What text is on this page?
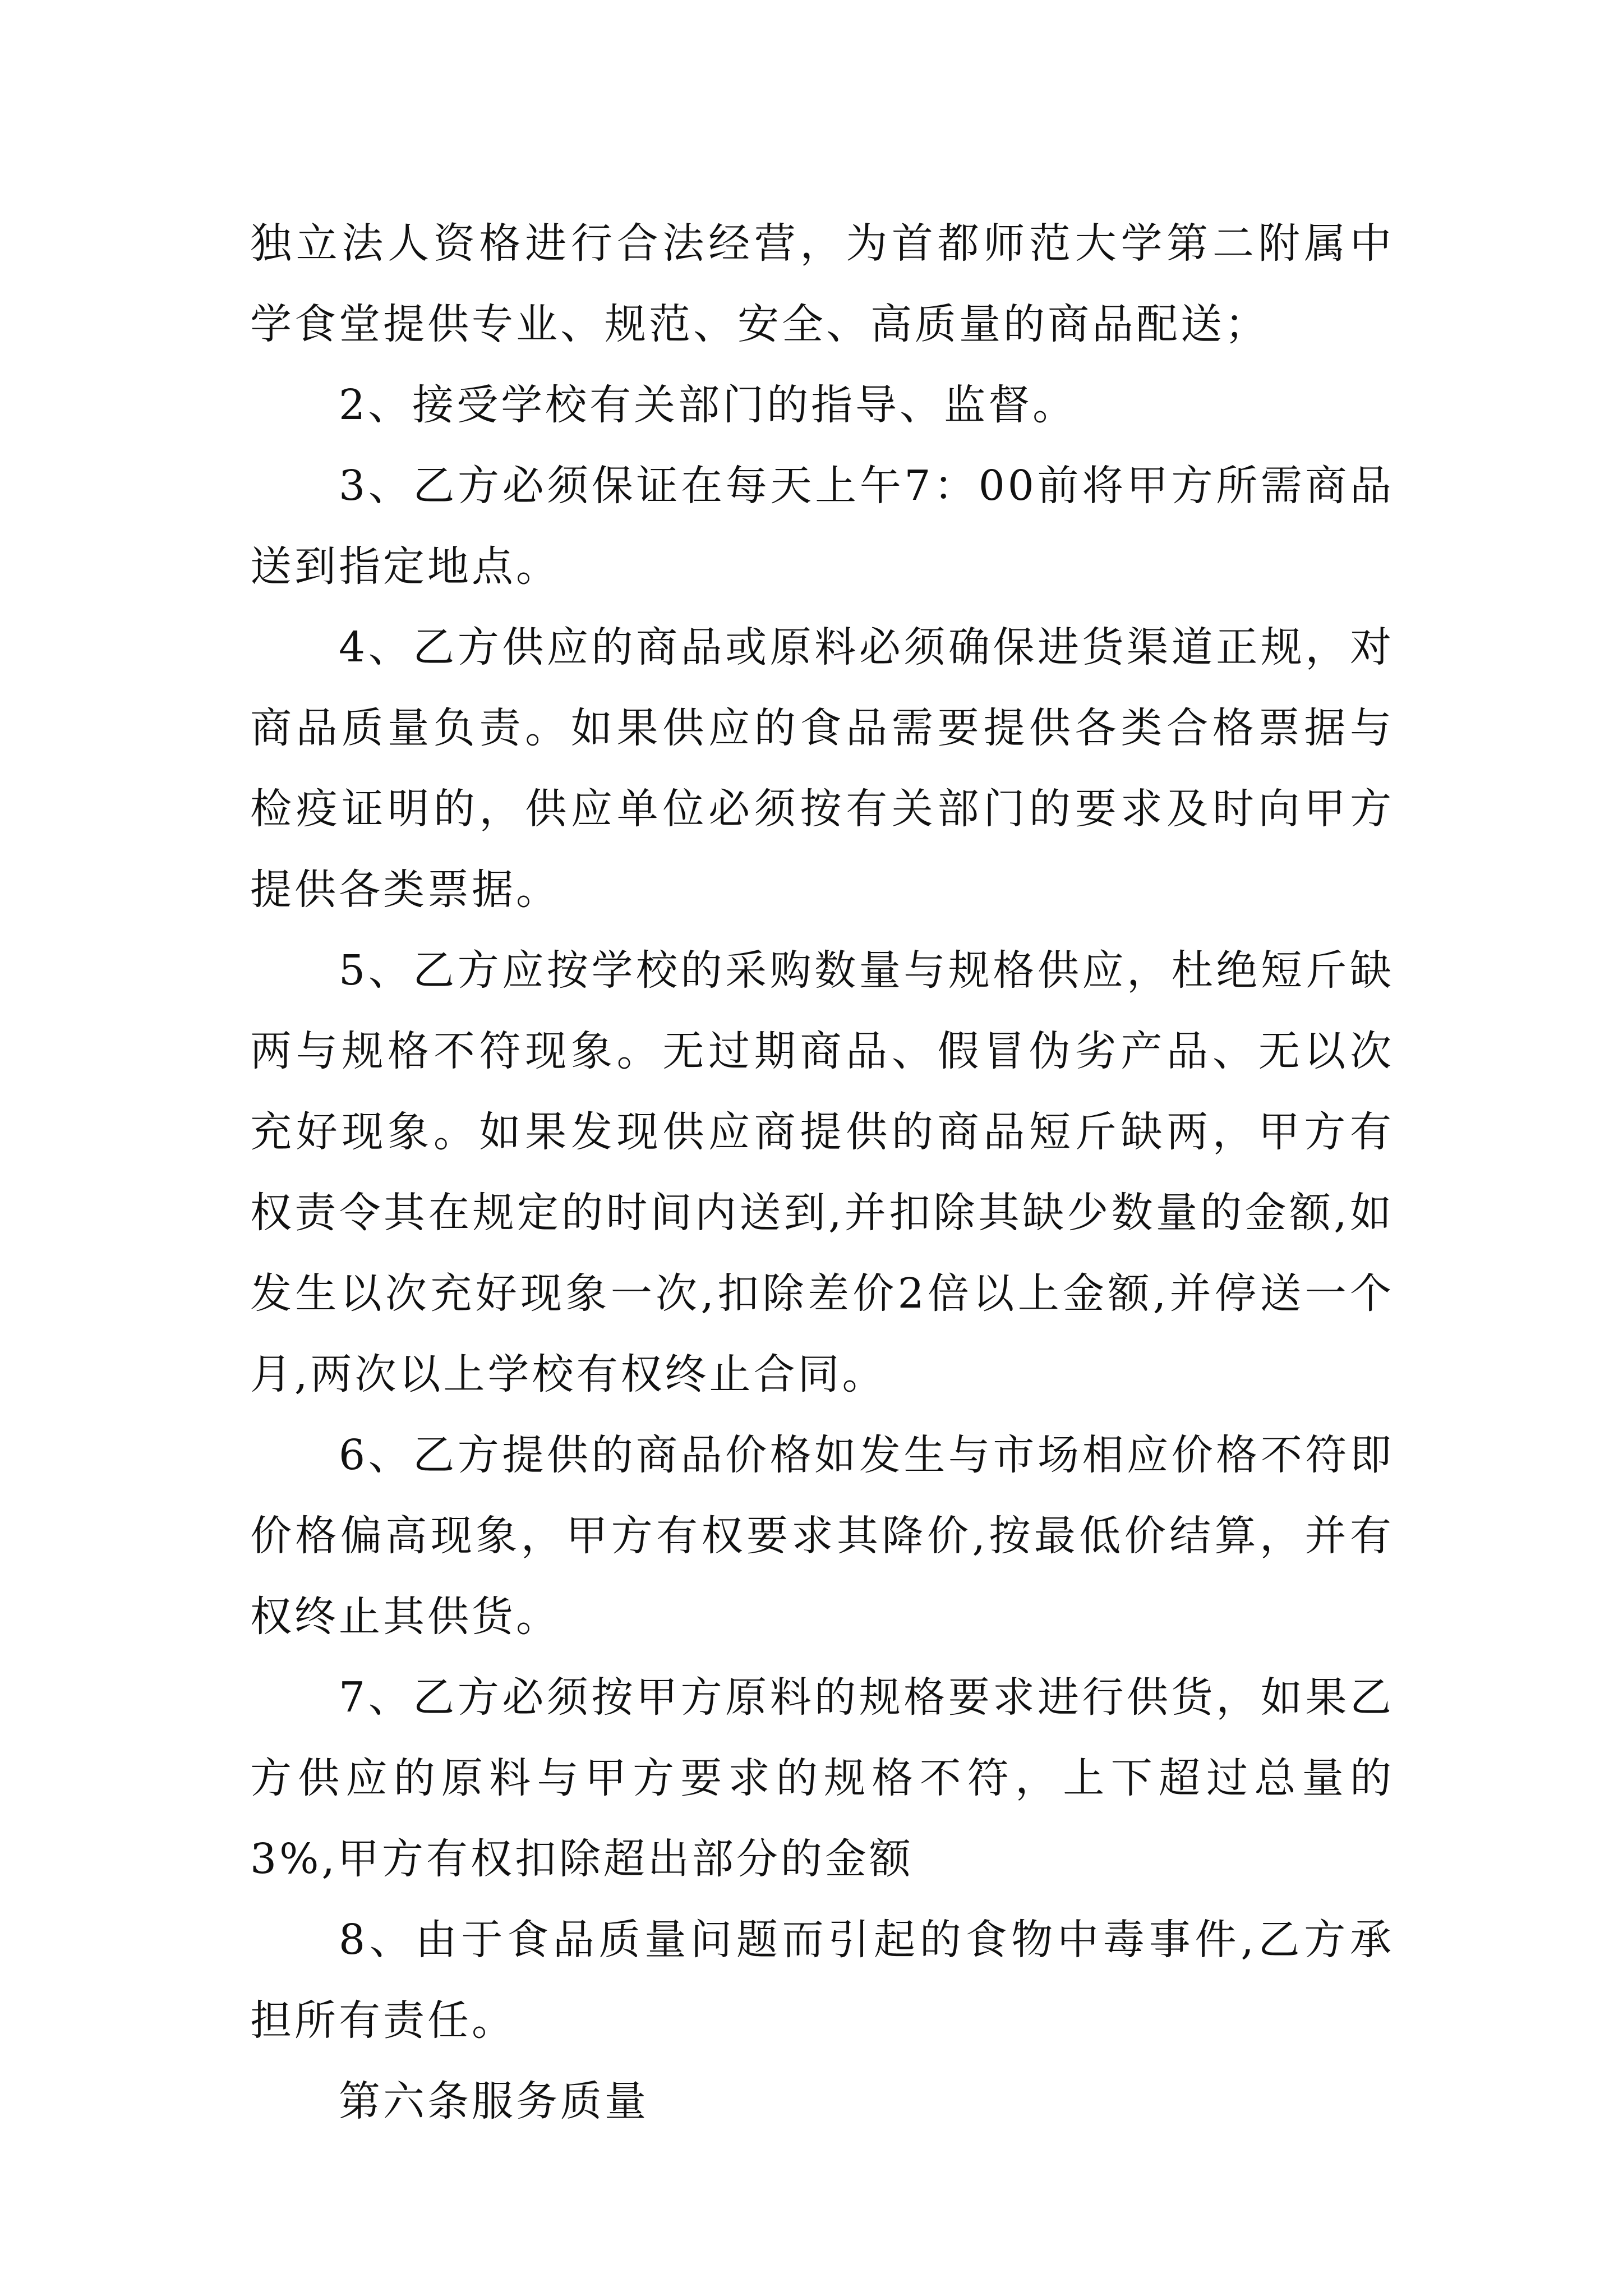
独立法人资格进行合法经营，为首都师范大学第二附属中学食堂提供专业、规范、安全、高质量的商品配送；

2、接受学校有关部门的指导、监督。

3、乙方必须保证在每天上午7：00前将甲方所需商品送到指定地点。

4、乙方供应的商品或原料必须确保进货渠道正规，对商品质量负责。如果供应的食品需要提供各类合格票据与检疫证明的，供应单位必须按有关部门的要求及时向甲方提供各类票据。

5、乙方应按学校的采购数量与规格供应，杜绝短斤缺两与规格不符现象。无过期商品、假冒伪劣产品、无以次充好现象。如果发现供应商提供的商品短斤缺两，甲方有权责令其在规定的时间内送到,并扣除其缺少数量的金额,如发生以次充好现象一次,扣除差价2倍以上金额,并停送一个月,两次以上学校有权终止合同。

6、乙方提供的商品价格如发生与市场相应价格不符即价格偏高现象，甲方有权要求其降价,按最低价结算，并有权终止其供货。

7、乙方必须按甲方原料的规格要求进行供货，如果乙方供应的原料与甲方要求的规格不符，上下超过总量的3%,甲方有权扣除超出部分的金额

8、由于食品质量问题而引起的食物中毒事件,乙方承担所有责任。

第六条服务质量
